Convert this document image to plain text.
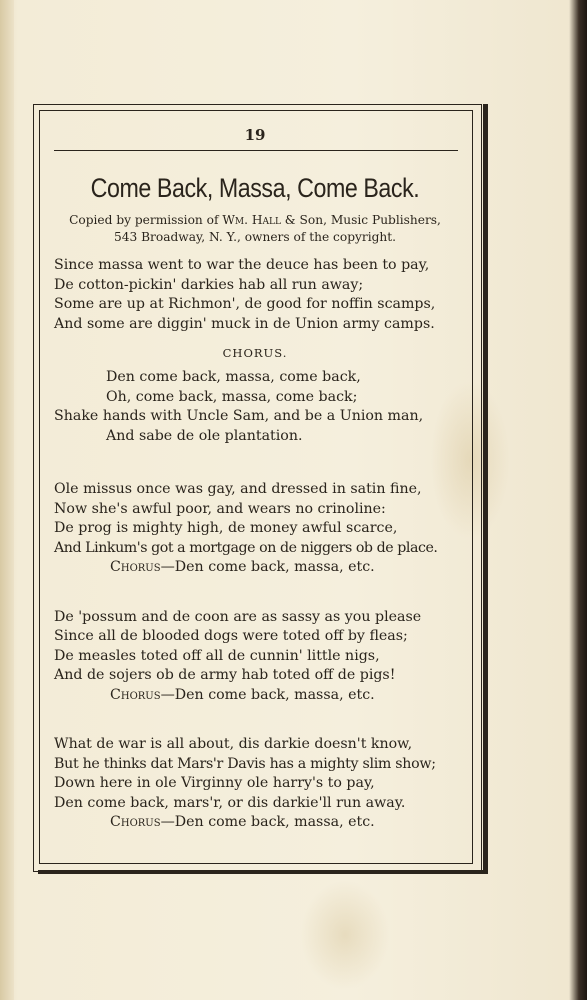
19
Come Back, Massa, Come Back.
Copied by permission of Wm. Hall & Son, Music Publishers,
543 Broadway, N. Y., owners of the copyright.
Since massa went to war the deuce has been to pay,
De cotton-pickin' darkies hab all run away;
Some are up at Richmon', de good for noffin scamps,
And some are diggin' muck in de Union army camps.
CHORUS.
Den come back, massa, come back,
Oh, come back, massa, come back;
Shake hands with Uncle Sam, and be a Union man,
And sabe de ole plantation.
Ole missus once was gay, and dressed in satin fine,
Now she's awful poor, and wears no crinoline:
De prog is mighty high, de money awful scarce,
And Linkum's got a mortgage on de niggers ob de place.
Chorus—Den come back, massa, etc.
De 'possum and de coon are as sassy as you please
Since all de blooded dogs were toted off by fleas;
De measles toted off all de cunnin' little nigs,
And de sojers ob de army hab toted off de pigs!
Chorus—Den come back, massa, etc.
What de war is all about, dis darkie doesn't know,
But he thinks dat Mars'r Davis has a mighty slim show;
Down here in ole Virginny ole harry's to pay,
Den come back, mars'r, or dis darkie'll run away.
Chorus—Den come back, massa, etc.
